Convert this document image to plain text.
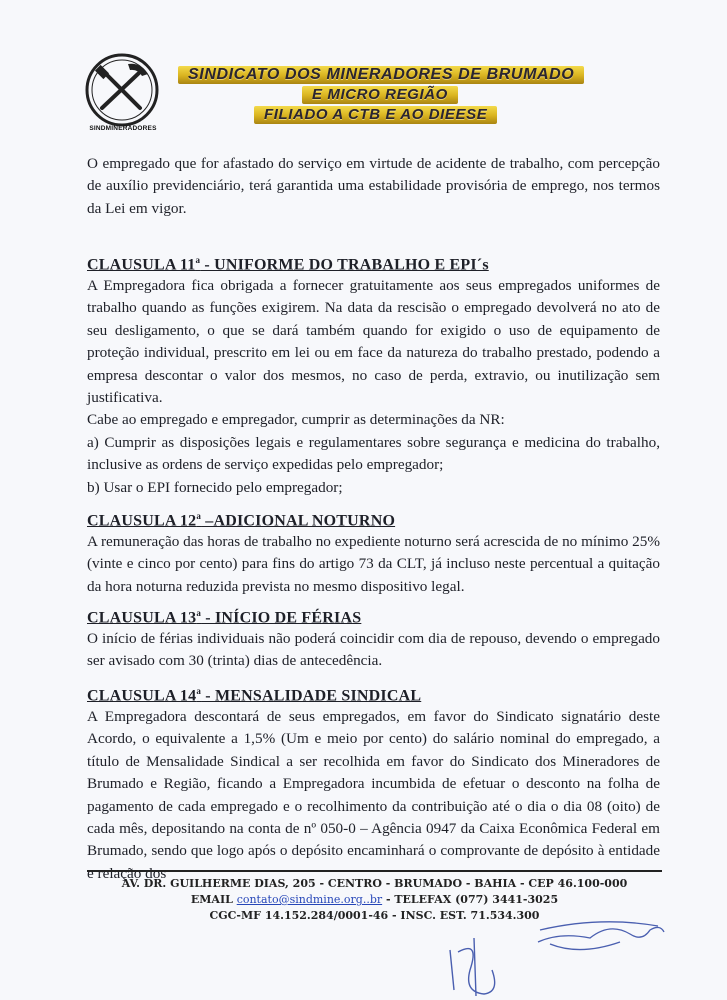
SINDMINERADORES
SINDICATO DOS MINERADORES DE BRUMADO
E MICRO REGIÃO
FILIADO A CTB E AO DIEESE

O empregado que for afastado do serviço em virtude de acidente de trabalho, com percepção de auxílio previdenciário, terá garantida uma estabilidade provisória de emprego, nos termos da Lei em vigor.

CLAUSULA 11$^a$ - UNIFORME DO TRABALHO E EPI´s

A Empregadora fica obrigada a fornecer gratuitamente aos seus empregados uniformes de trabalho quando as funções exigirem. Na data da rescisão o empregado devolverá no ato de seu desligamento, o que se dará também quando for exigido o uso de equipamento de proteção individual, prescrito em lei ou em face da natureza do trabalho prestado, podendo a empresa descontar o valor dos mesmos, no caso de perda, extravio, ou inutilização sem justificativa.

Cabe ao empregado e empregador, cumprir as determinações da NR:

a) Cumprir as disposições legais e regulamentares sobre segurança e medicina do trabalho, inclusive as ordens de serviço expedidas pelo empregador;

b) Usar o EPI fornecido pelo empregador;

CLAUSULA 12$^a$ –ADICIONAL NOTURNO

A remuneração das horas de trabalho no expediente noturno será acrescida de no mínimo 25% (vinte e cinco por cento) para fins do artigo 73 da CLT, já incluso neste percentual a quitação da hora noturna reduzida prevista no mesmo dispositivo legal.

CLAUSULA 13$^a$ - INÍCIO DE FÉRIAS

O início de férias individuais não poderá coincidir com dia de repouso, devendo o empregado ser avisado com 30 (trinta) dias de antecedência.

CLAUSULA 14$^a$ - MENSALIDADE SINDICAL

A Empregadora descontará de seus empregados, em favor do Sindicato signatário deste Acordo, o equivalente a 1,5% (Um e meio por cento) do salário nominal do empregado, a título de Mensalidade Sindical a ser recolhida em favor do Sindicato dos Mineradores de Brumado e Região, ficando a Empregadora incumbida de efetuar o desconto na folha de pagamento de cada empregado e o recolhimento da contribuição até o dia o dia 08 (oito) de cada mês, depositando na conta de nº 050-0 – Agência 0947 da Caixa Econômica Federal em Brumado, sendo que logo após o depósito encaminhará o comprovante de depósito à entidade e relação dos

AV. DR. GUILHERME DIAS, 205 - CENTRO - BRUMADO - BAHIA - CEP 46.100-000
EMAIL contato@sindmine.org..br - TELEFAX (077) 3441-3025
CGC-MF 14.152.284/0001-46 - INSC. EST. 71.534.300
